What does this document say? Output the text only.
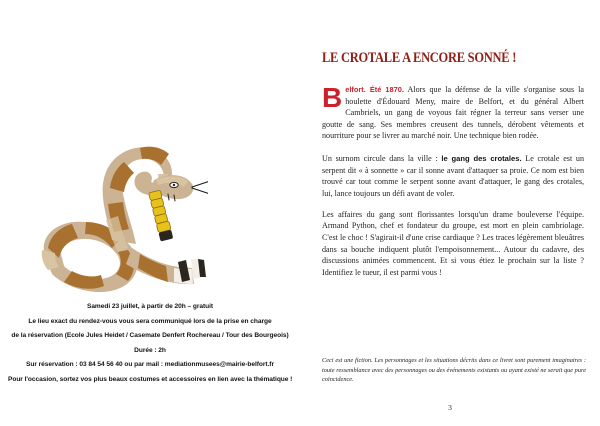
Samedi 23 juillet, à partir de 20h – gratuit
Le lieu exact du rendez-vous vous sera communiqué lors de la prise en charge
de la réservation (Ecole Jules Heidet / Casemate Denfert Rochereau / Tour des Bourgeois)
Durée : 2h
Sur réservation : 03 84 54 56 40 ou par mail : mediationmusees@mairie-belfort.fr
Pour l'occasion, sortez vos plus beaux costumes et accessoires en lien avec la thématique !
LE CROTALE A ENCORE SONNÉ !

Belfort. Été 1870. Alors que la défense de la ville s'organise sous la houlette d'Édouard Meny, maire de Belfort, et du général Albert Cambriels, un gang de voyous fait régner la terreur sans verser une goutte de sang. Ses membres creusent des tunnels, dérobent vêtements et nourriture pour se livrer au marché noir. Une technique bien rodée.

Un surnom circule dans la ville : le gang des crotales. Le crotale est un serpent dit « à sonnette » car il sonne avant d'attaquer sa proie. Ce nom est bien trouvé car tout comme le serpent sonne avant d'attaquer, le gang des crotales, lui, lance toujours un défi avant de voler.

Les affaires du gang sont florissantes lorsqu'un drame bouleverse l'équipe. Armand Python, chef et fondateur du groupe, est mort en plein cambriolage. C'est le choc ! S'agirait-il d'une crise cardiaque ? Les traces légèrement bleuâtres dans sa bouche indiquent plutôt l'empoisonnement... Autour du cadavre, des discussions animées commencent. Et si vous étiez le prochain sur la liste ? Identifiez le tueur, il est parmi vous !

Ceci est une fiction. Les personnages et les situations décrits dans ce livret sont purement imaginaires : toute ressemblance avec des personnages ou des événements existants ou ayant existé ne serait que pure coïncidence.
3
